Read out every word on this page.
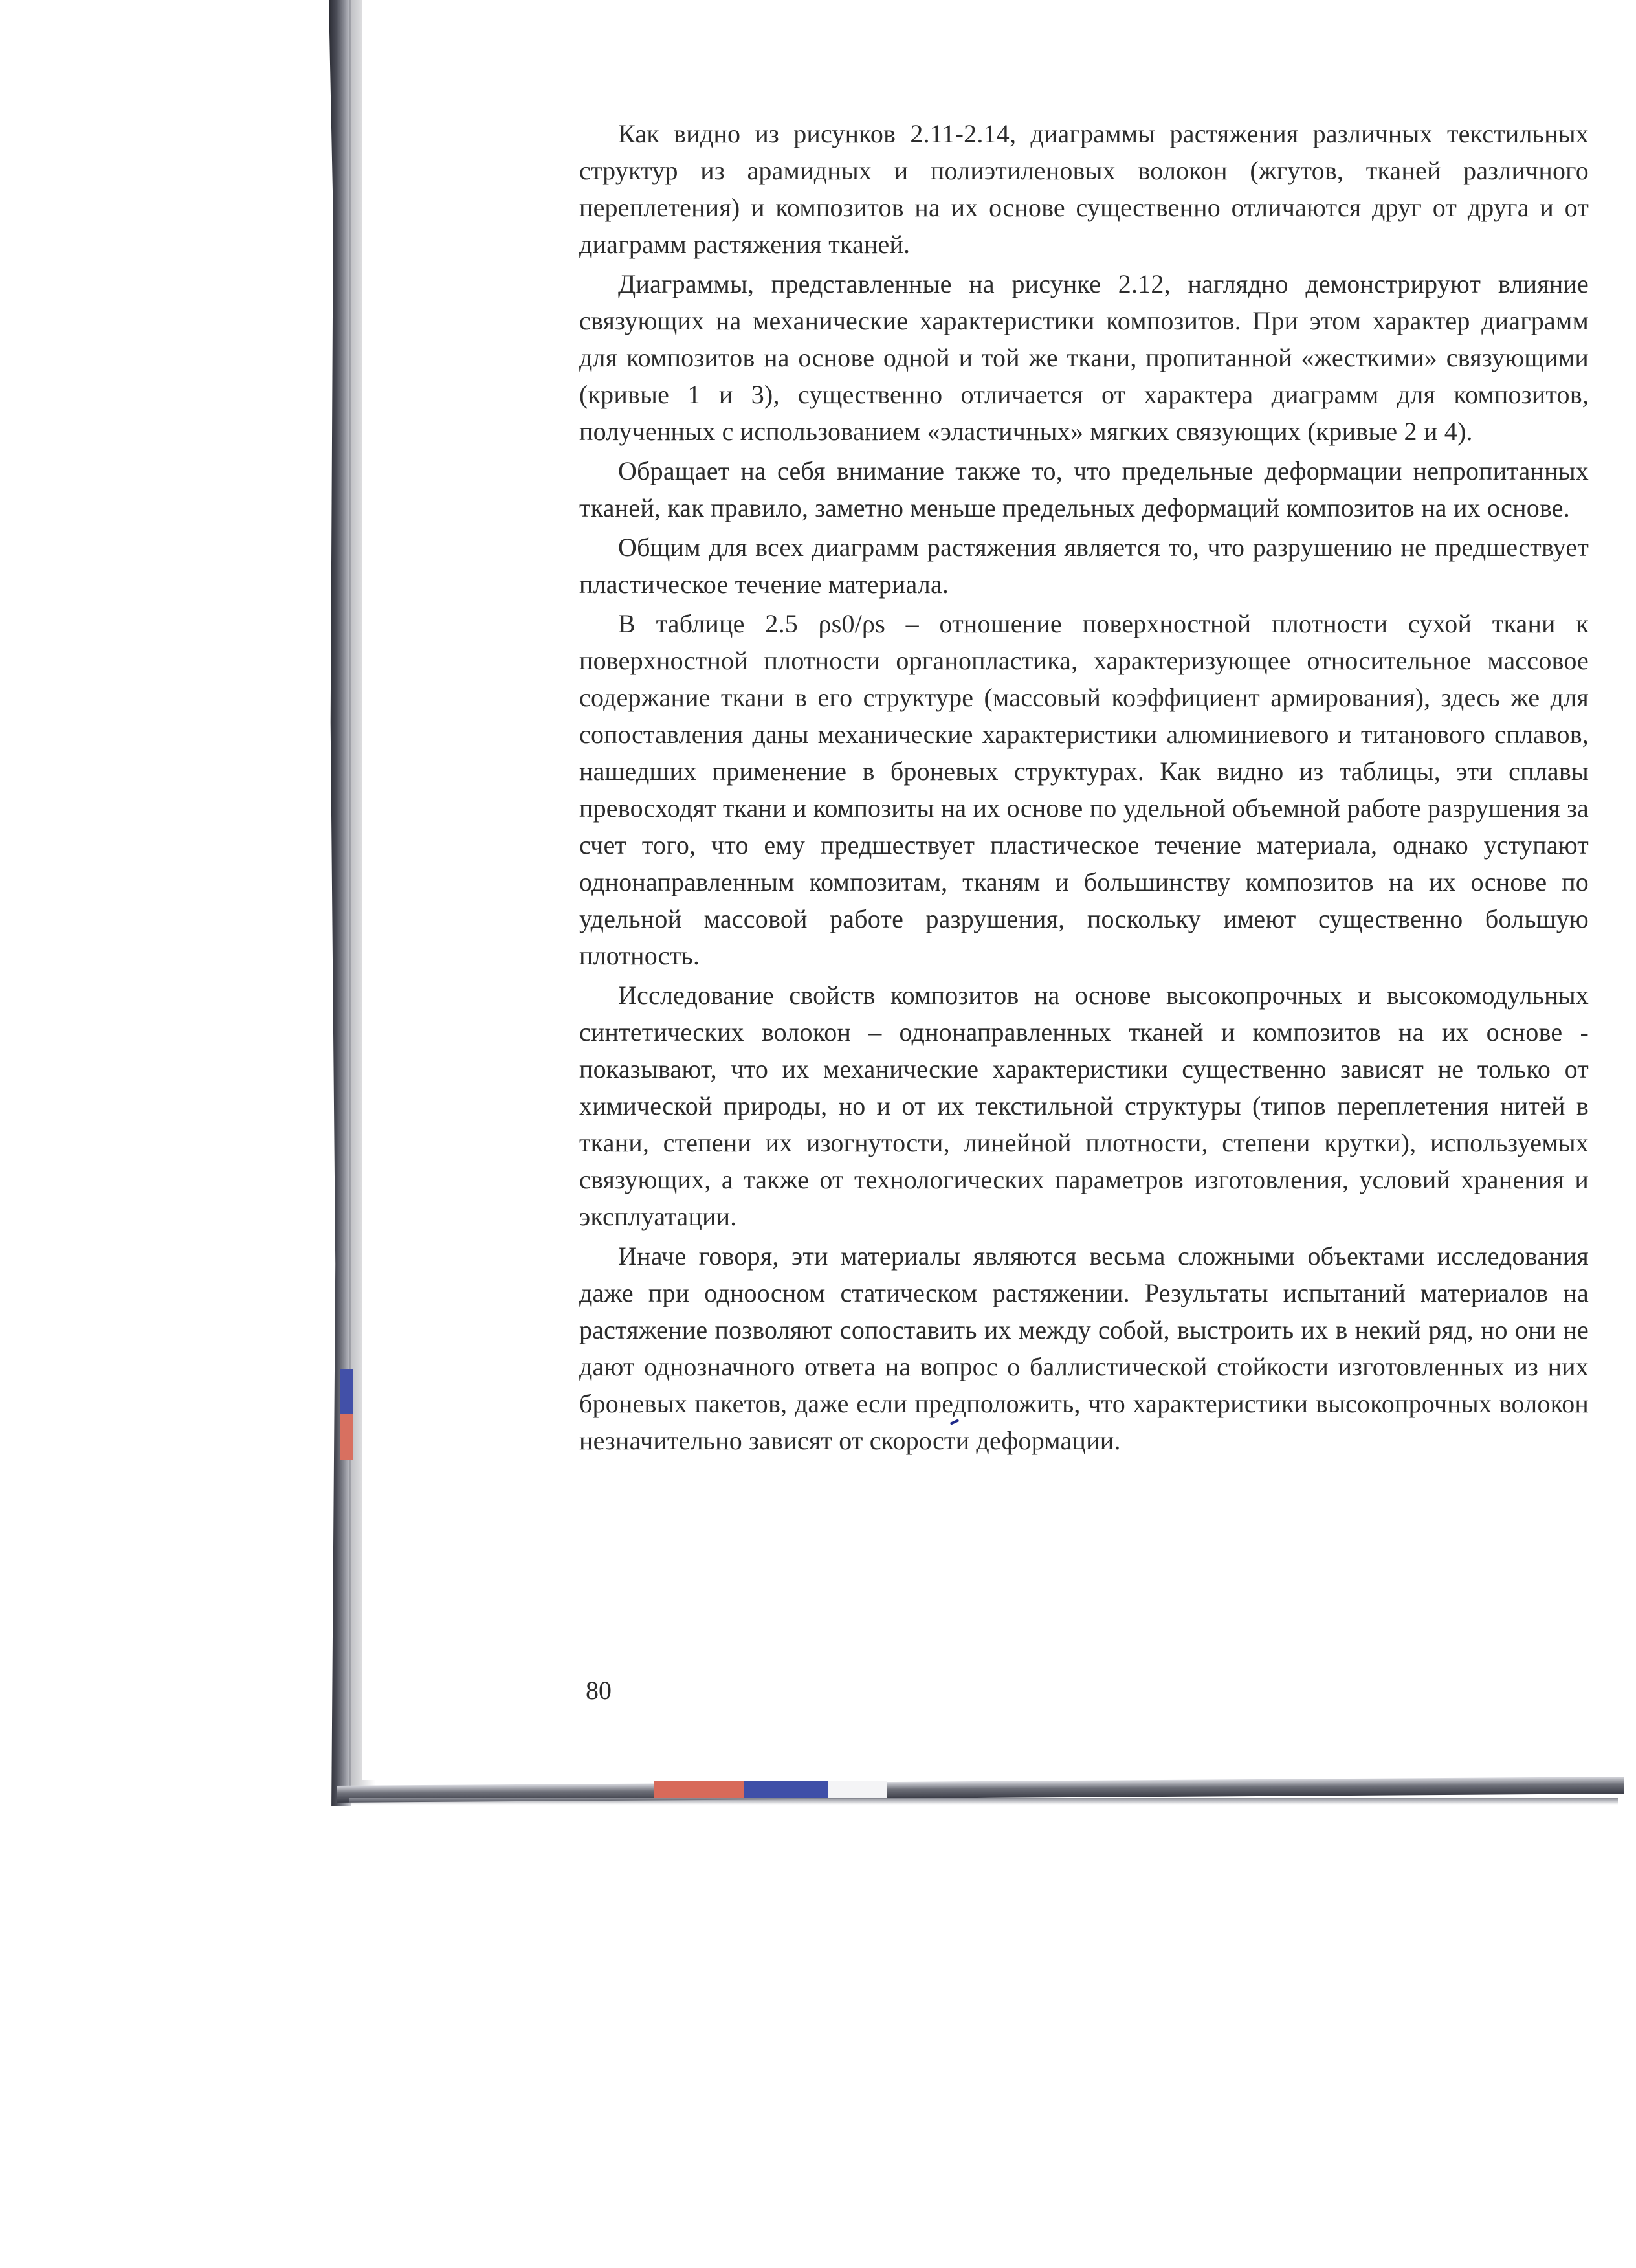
Как видно из рисунков 2.11-2.14, диаграммы растяжения различных текстильных структур из арамидных и полиэтиленовых волокон (жгутов, тканей различного переплетения) и композитов на их основе существенно отличаются друг от друга и от диаграмм растяжения тканей.

Диаграммы, представленные на рисунке 2.12, наглядно демонстрируют влияние связующих на механические характеристики композитов. При этом характер диаграмм для композитов на основе одной и той же ткани, пропитанной «жесткими» связующими (кривые 1 и 3), существенно отличается от характера диаграмм для композитов, полученных с использованием «эластичных» мягких связующих (кривые 2 и 4).

Обращает на себя внимание также то, что предельные деформации непропитанных тканей, как правило, заметно меньше предельных деформаций композитов на их основе.

Общим для всех диаграмм растяжения является то, что разрушению не предшествует пластическое течение материала.

В таблице 2.5 ρs0/ρs – отношение поверхностной плотности сухой ткани к поверхностной плотности органопластика, характеризующее относительное массовое содержание ткани в его структуре (массовый коэффициент армирования), здесь же для сопоставления даны механические характеристики алюминиевого и титанового сплавов, нашедших применение в броневых структурах. Как видно из таблицы, эти сплавы превосходят ткани и композиты на их основе по удельной объемной работе разрушения за счет того, что ему предшествует пластическое течение материала, однако уступают однонаправленным композитам, тканям и большинству композитов на их основе по удельной массовой работе разрушения, поскольку имеют существенно большую плотность.

Исследование свойств композитов на основе высокопрочных и высокомодульных синтетических волокон – однонаправленных тканей и композитов на их основе - показывают, что их механические характеристики существенно зависят не только от химической природы, но и от их текстильной структуры (типов переплетения нитей в ткани, степени их изогнутости, линейной плотности, степени крутки), используемых связующих, а также от технологических параметров изготовления, условий хранения и эксплуатации.

Иначе говоря, эти материалы являются весьма сложными объектами исследования даже при одноосном статическом растяжении. Результаты испытаний материалов на растяжение позволяют сопоставить их между собой, выстроить их в некий ряд, но они не дают однозначного ответа на вопрос о баллистической стойкости изготовленных из них броневых пакетов, даже если предположить, что характеристики высокопрочных волокон незначительно зависят от скорости деформации.

80
